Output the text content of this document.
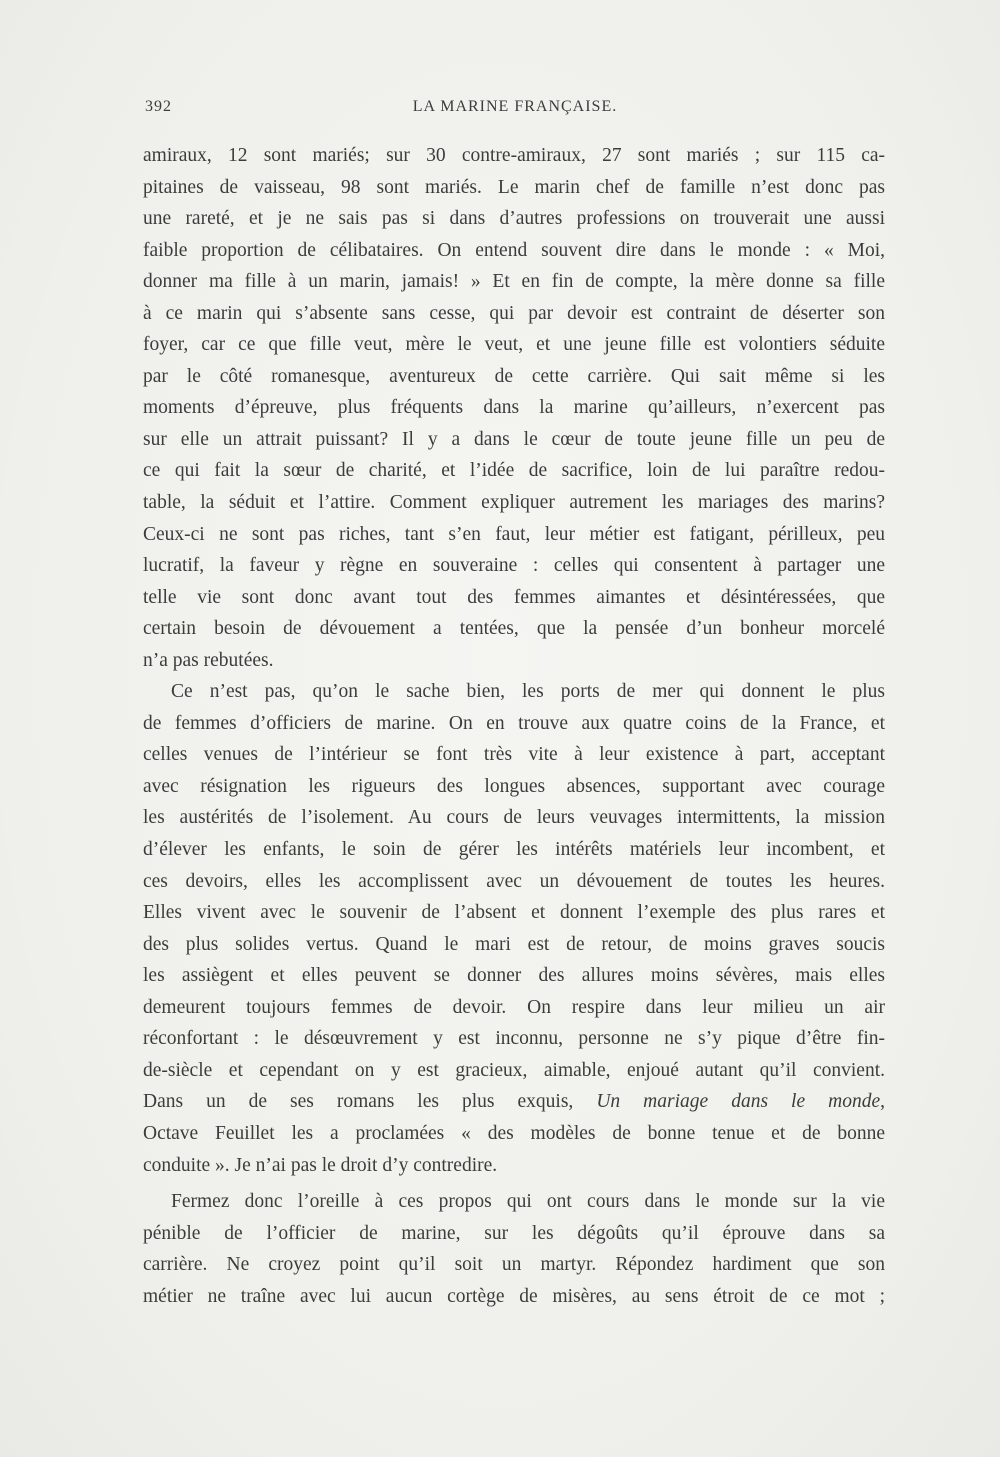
392	LA MARINE FRANÇAISE.
amiraux, 12 sont mariés; sur 30 contre-amiraux, 27 sont mariés ; sur 115 ca-
pitaines de vaisseau, 98 sont mariés. Le marin chef de famille n’est donc pas
une rareté, et je ne sais pas si dans d’autres professions on trouverait une aussi
faible proportion de célibataires. On entend souvent dire dans le monde : « Moi,
donner ma fille à un marin, jamais! » Et en fin de compte, la mère donne sa fille
à ce marin qui s’absente sans cesse, qui par devoir est contraint de déserter son
foyer, car ce que fille veut, mère le veut, et une jeune fille est volontiers séduite
par le côté romanesque, aventureux de cette carrière. Qui sait même si les
moments d’épreuve, plus fréquents dans la marine qu’ailleurs, n’exercent pas
sur elle un attrait puissant? Il y a dans le cœur de toute jeune fille un peu de
ce qui fait la sœur de charité, et l’idée de sacrifice, loin de lui paraître redou-
table, la séduit et l’attire. Comment expliquer autrement les mariages des marins?
Ceux-ci ne sont pas riches, tant s’en faut, leur métier est fatigant, périlleux, peu
lucratif, la faveur y règne en souveraine : celles qui consentent à partager une
telle vie sont donc avant tout des femmes aimantes et désintéressées, que
certain besoin de dévouement a tentées, que la pensée d’un bonheur morcelé
n’a pas rebutées.
Ce n’est pas, qu’on le sache bien, les ports de mer qui donnent le plus
de femmes d’officiers de marine. On en trouve aux quatre coins de la France, et
celles venues de l’intérieur se font très vite à leur existence à part, acceptant
avec résignation les rigueurs des longues absences, supportant avec courage
les austérités de l’isolement. Au cours de leurs veuvages intermittents, la mission
d’élever les enfants, le soin de gérer les intérêts matériels leur incombent, et
ces devoirs, elles les accomplissent avec un dévouement de toutes les heures.
Elles vivent avec le souvenir de l’absent et donnent l’exemple des plus rares et
des plus solides vertus. Quand le mari est de retour, de moins graves soucis
les assiègent et elles peuvent se donner des allures moins sévères, mais elles
demeurent toujours femmes de devoir. On respire dans leur milieu un air
réconfortant : le désœuvrement y est inconnu, personne ne s’y pique d’être fin-
de-siècle et cependant on y est gracieux, aimable, enjoué autant qu’il convient.
Dans un de ses romans les plus exquis, Un mariage dans le monde,
Octave Feuillet les a proclamées « des modèles de bonne tenue et de bonne
conduite ». Je n’ai pas le droit d’y contredire.
Fermez donc l’oreille à ces propos qui ont cours dans le monde sur la vie
pénible de l’officier de marine, sur les dégoûts qu’il éprouve dans sa
carrière. Ne croyez point qu’il soit un martyr. Répondez hardiment que son
métier ne traîne avec lui aucun cortège de misères, au sens étroit de ce mot ;
